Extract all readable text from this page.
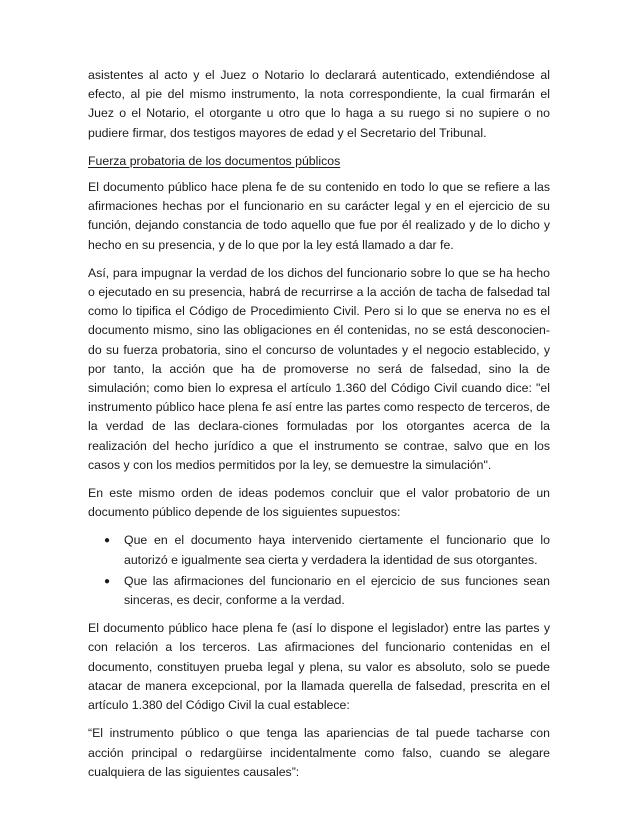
asistentes al acto y el Juez o Notario lo declarará autenticado, extendiéndose al efecto, al pie del mismo instrumento, la nota correspondiente, la cual firmarán el Juez o el Notario, el otorgante u otro que lo haga a su ruego si no supiere o no pudiere firmar, dos testigos mayores de edad y el Secretario del Tribunal.

Fuerza probatoria de los documentos públicos

El documento público hace plena fe de su contenido en todo lo que se refiere a las afirmaciones hechas por el funcionario en su carácter legal y en el ejercicio de su función, dejando constancia de todo aquello que fue por él realizado y de lo dicho y hecho en su presencia, y de lo que por la ley está llamado a dar fe.

Así, para impugnar la verdad de los dichos del funcionario sobre lo que se ha hecho o ejecutado en su presencia, habrá de recurrirse a la acción de tacha de falsedad tal como lo tipifica el Código de Procedimiento Civil. Pero si lo que se enerva no es el documento mismo, sino las obligaciones en él contenidas, no se está desconocien-do su fuerza probatoria, sino el concurso de voluntades y el negocio establecido, y por tanto, la acción que ha de promoverse no será de falsedad, sino la de simulación; como bien lo expresa el artículo 1.360 del Código Civil cuando dice: "el instrumento público hace plena fe así entre las partes como respecto de terceros, de la verdad de las declara-ciones formuladas por los otorgantes acerca de la realización del hecho jurídico a que el instrumento se contrae, salvo que en los casos y con los medios permitidos por la ley, se demuestre la simulación".

En este mismo orden de ideas podemos concluir que el valor probatorio de un documento público depende de los siguientes supuestos:

●	Que en el documento haya intervenido ciertamente el funcionario que lo autorizó e igualmente sea cierta y verdadera la identidad de sus otorgantes.
●	Que las afirmaciones del funcionario en el ejercicio de sus funciones sean sinceras, es decir, conforme a la verdad.

El documento público hace plena fe (así lo dispone el legislador) entre las partes y con relación a los terceros. Las afirmaciones del funcionario contenidas en el documento, constituyen prueba legal y plena, su valor es absoluto, solo se puede atacar de manera excepcional, por la llamada querella de falsedad, prescrita en el artículo 1.380 del Código Civil la cual establece:

“El instrumento público o que tenga las apariencias de tal puede tacharse con acción principal o redargüirse incidentalmente como falso, cuando se alegare cualquiera de las siguientes causales”:
